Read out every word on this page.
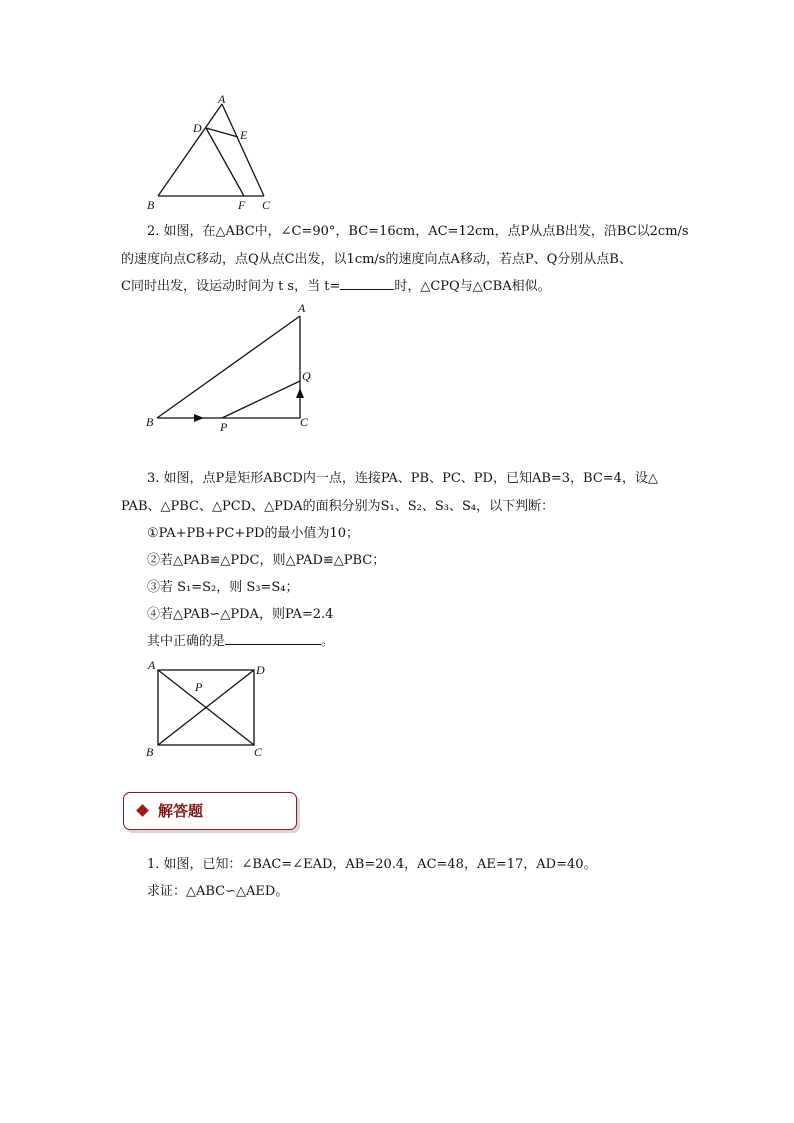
A
D	E
B	F C
2. 如图，在△ABC中，∠C=90°，BC=16cm，AC=12cm，点P从点B出发，沿BC以2cm/s
的速度向点C移动，点Q从点C出发，以1cm/s的速度向点A移动，若点P、Q分别从点B、
C同时出发，设运动时间为 t s，当 t=	时，△CPQ与△CBA相似。
A
Q
B	P	C
3. 如图，点P是矩形ABCD内一点，连接PA、PB、PC、PD，已知AB=3，BC=4，设△
PAB、△PBC、△PCD、△PDA的面积分别为S₁、S₂、S₃、S₄，以下判断：
①PA+PB+PC+PD的最小值为10；
②若△PAB≌△PDC，则△PAD≌△PBC；
③若 S₁=S₂，则 S₃=S₄；
④若△PAB∽△PDA，则PA=2.4
其中正确的是	。
A	D
P
B	C
解答题
1. 如图，已知：∠BAC=∠EAD，AB=20.4，AC=48，AE=17，AD=40。
求证：△ABC∽△AED。
